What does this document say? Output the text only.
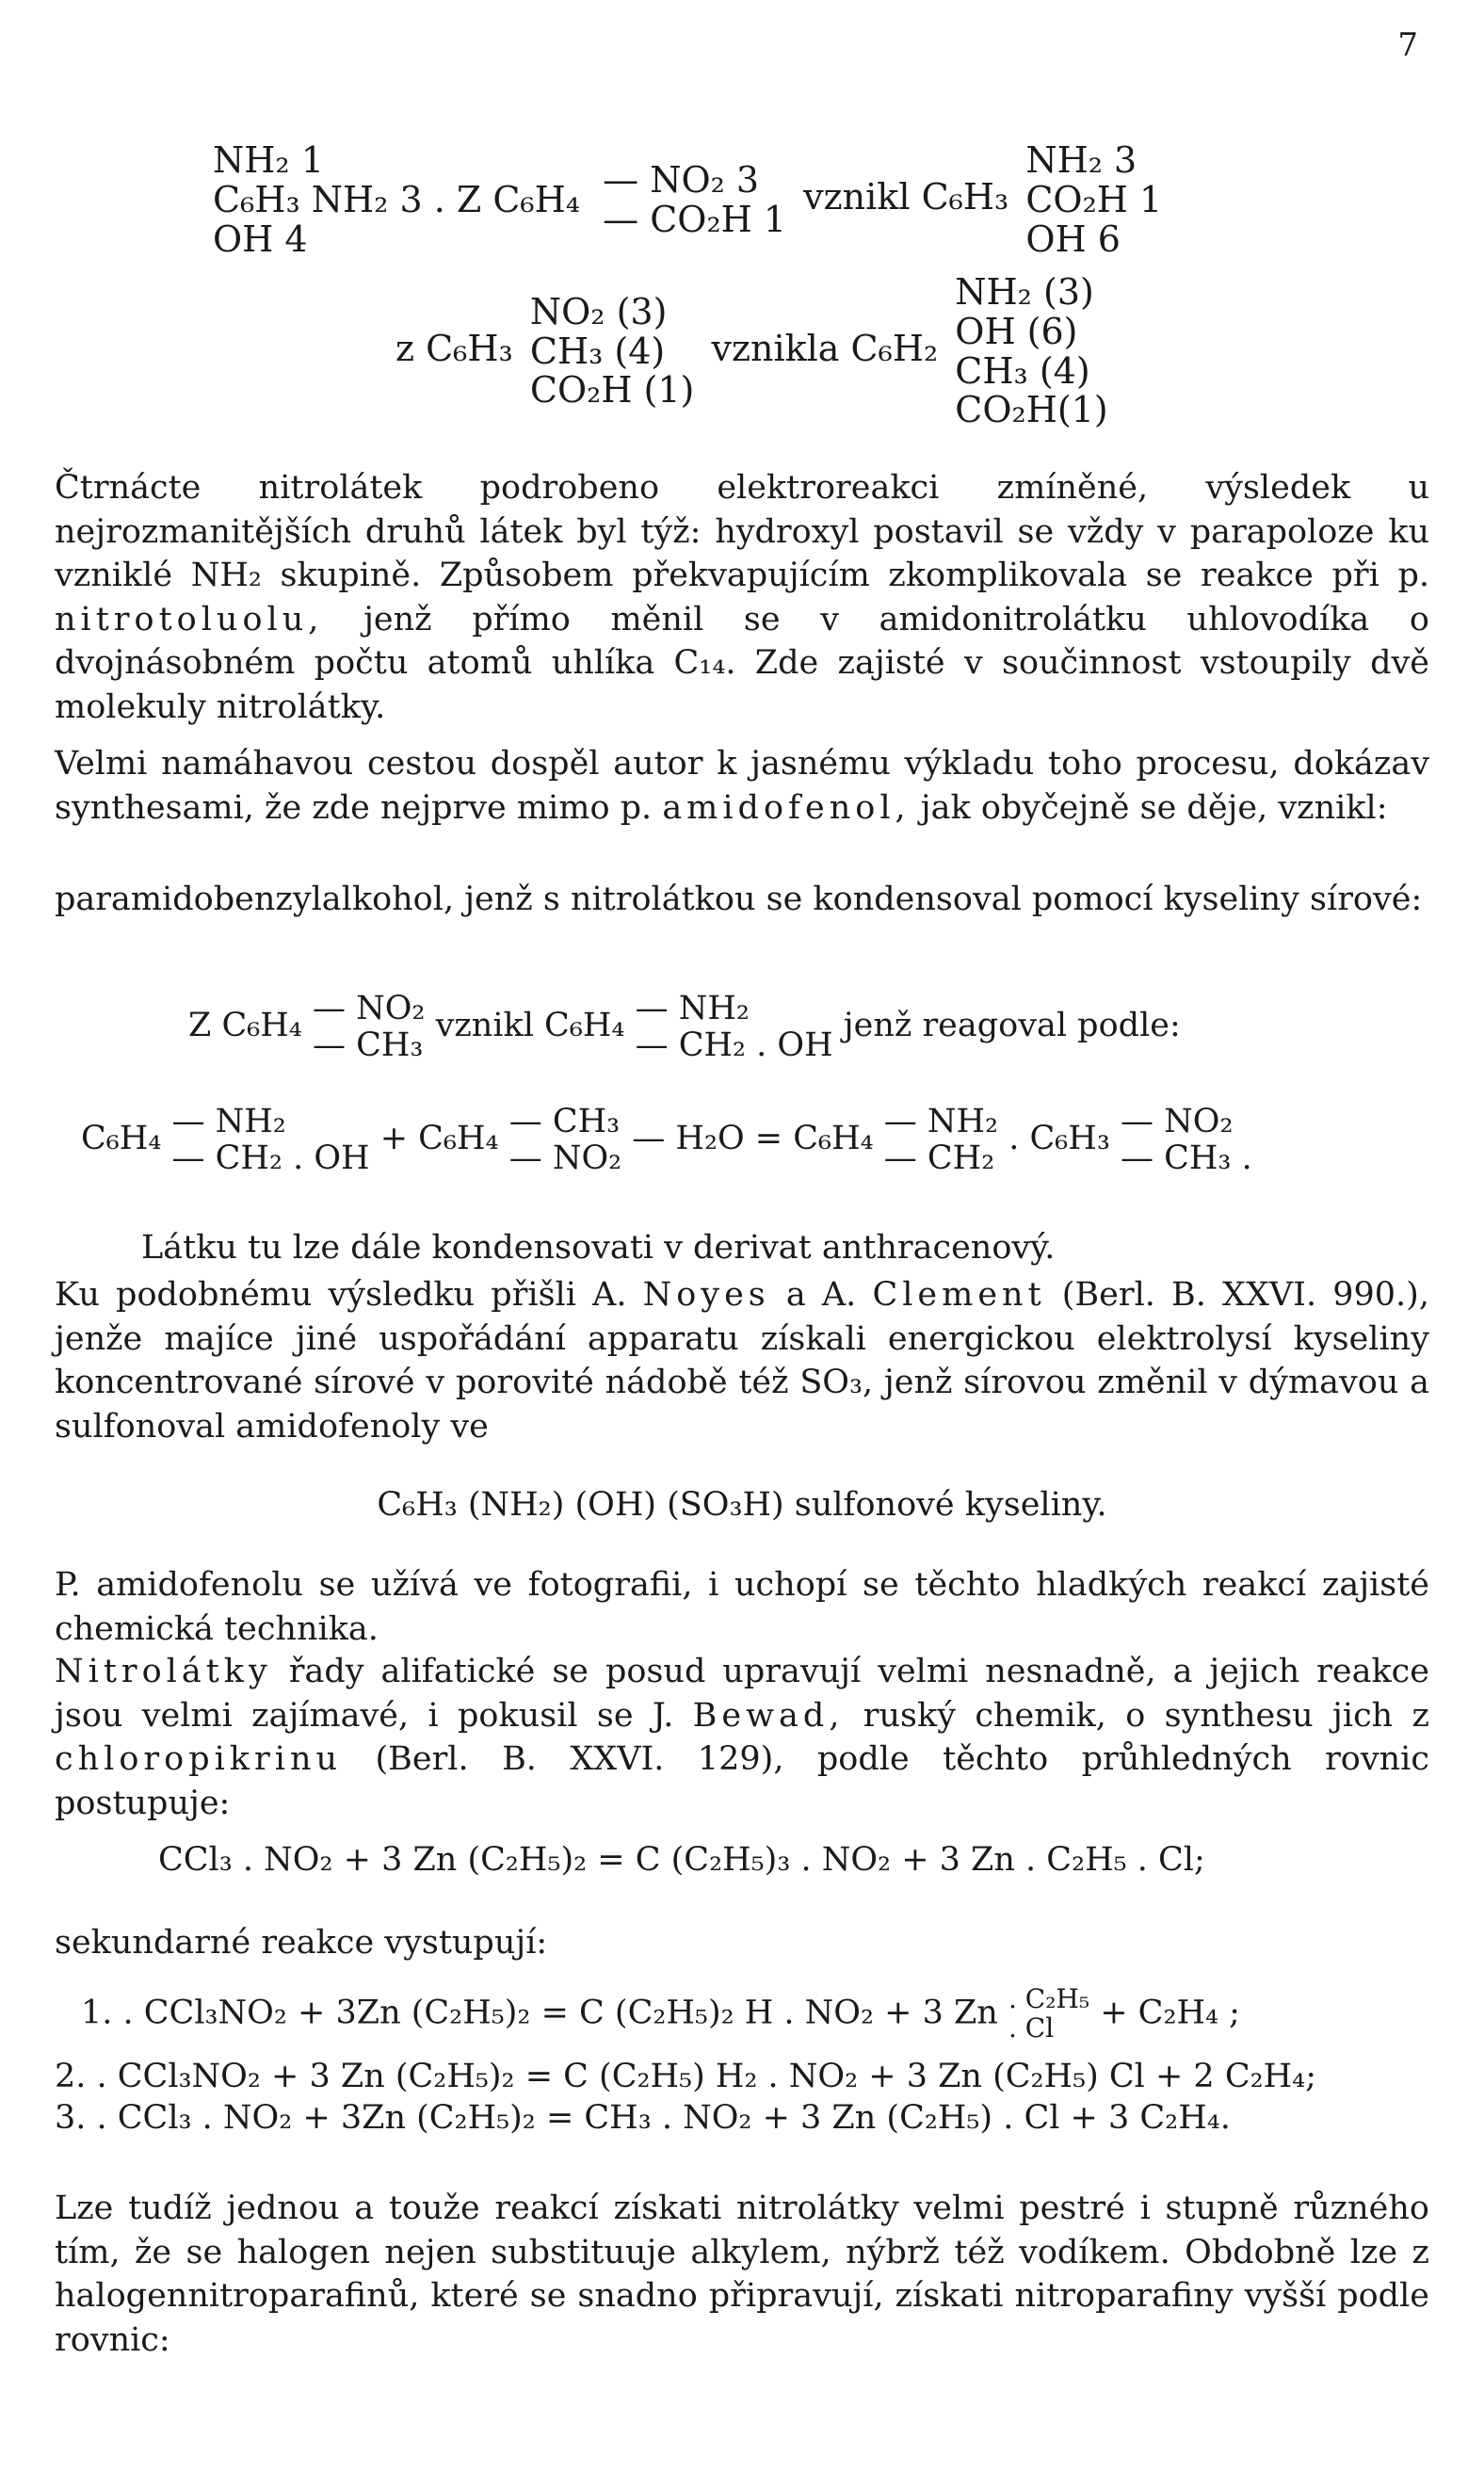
7
NH₂ 1
C₆H₃ NH₂ 3 . Z C₆H₄
OH 4

— NO₂ 3
— CO₂H 1
vznikl C₆H₃
NH₂ 3
CO₂H 1
OH 6
z C₆H₃
NO₂ (3)
CH₃ (4)
CO₂H (1)
vznikla C₆H₂
NH₂ (3)
OH (6)
CH₃ (4)
CO₂H(1)
Čtrnácte nitrolátek podrobeno elektroreakci zmíněné, výsledek u nejrozmanitějších druhů látek byl týž: hydroxyl postavil se vždy v parapoloze ku vzniklé NH₂ skupině. Způsobem překvapujícím zkomplikovala se reakce při p. nitrotoluolu, jenž přímo měnil se v amidonitrolátku uhlovodíka o dvojnásobném počtu atomů uhlíka C₁₄. Zde zajisté v součinnost vstoupily dvě molekuly nitrolátky.
Velmi namáhavou cestou dospěl autor k jasnému výkladu toho procesu, dokázav synthesami, že zde nejprve mimo p. amidofenol, jak obyčejně se děje, vznikl:
paramidobenzylalkohol, jenž s nitrolátkou se kondensoval pomocí kyseliny sírové:
Z C₆H₄ — NO₂
— CH₃
vznikl C₆H₄ — NH₂
— CH₂ . OH
jenž reagoval podle:
C₆H₄ — NH₂
— CH₂ . OH
+ C₆H₄ — CH₃
— NO₂
— H₂O = C₆H₄ — NH₂
— CH₂
. C₆H₃ — NO₂
— CH₃ .
Látku tu lze dále kondensovati v derivat anthracenový.
Ku podobnému výsledku přišli A. Noyes a A. Clement (Berl. B. XXVI. 990.), jenže majíce jiné uspořádání apparatu získali energickou elektrolysí kyseliny koncentrované sírové v porovité nádobě též SO₃, jenž sírovou změnil v dýmavou a sulfonoval amidofenoly ve
C₆H₃ (NH₂) (OH) (SO₃H) sulfonové kyseliny.
P. amidofenolu se užívá ve fotografii, i uchopí se těchto hladkých reakcí zajisté chemická technika.
Nitrolátky řady alifatické se posud upravují velmi nesnadně, a jejich reakce jsou velmi zajímavé, i pokusil se J. Bewad, ruský chemik, o synthesu jich z chloropikrinu (Berl. B. XXVI. 129), podle těchto průhledných rovnic postupuje:
CCl₃ . NO₂ + 3 Zn (C₂H₅)₂ = C (C₂H₅)₃ . NO₂ + 3 Zn . C₂H₅ . Cl;
sekundarné reakce vystupují:
1. . CCl₃NO₂ + 3Zn (C₂H₅)₂ = C (C₂H₅)₂ H . NO₂ + 3 Zn . C₂H₅
. Cl	+ C₂H₄ ;
2. . CCl₃NO₂ + 3 Zn (C₂H₅)₂ = C (C₂H₅) H₂ . NO₂ + 3 Zn (C₂H₅) Cl + 2 C₂H₄;
3. . CCl₃ . NO₂ + 3Zn (C₂H₅)₂ = CH₃ . NO₂ + 3 Zn (C₂H₅) . Cl + 3 C₂H₄.
Lze tudíž jednou a touže reakcí získati nitrolátky velmi pestré i stupně různého tím, že se halogen nejen substituuje alkylem, nýbrž též vodíkem. Obdobně lze z halogennitroparafinů, které se snadno připravují, získati nitroparafiny vyšší podle rovnic:
